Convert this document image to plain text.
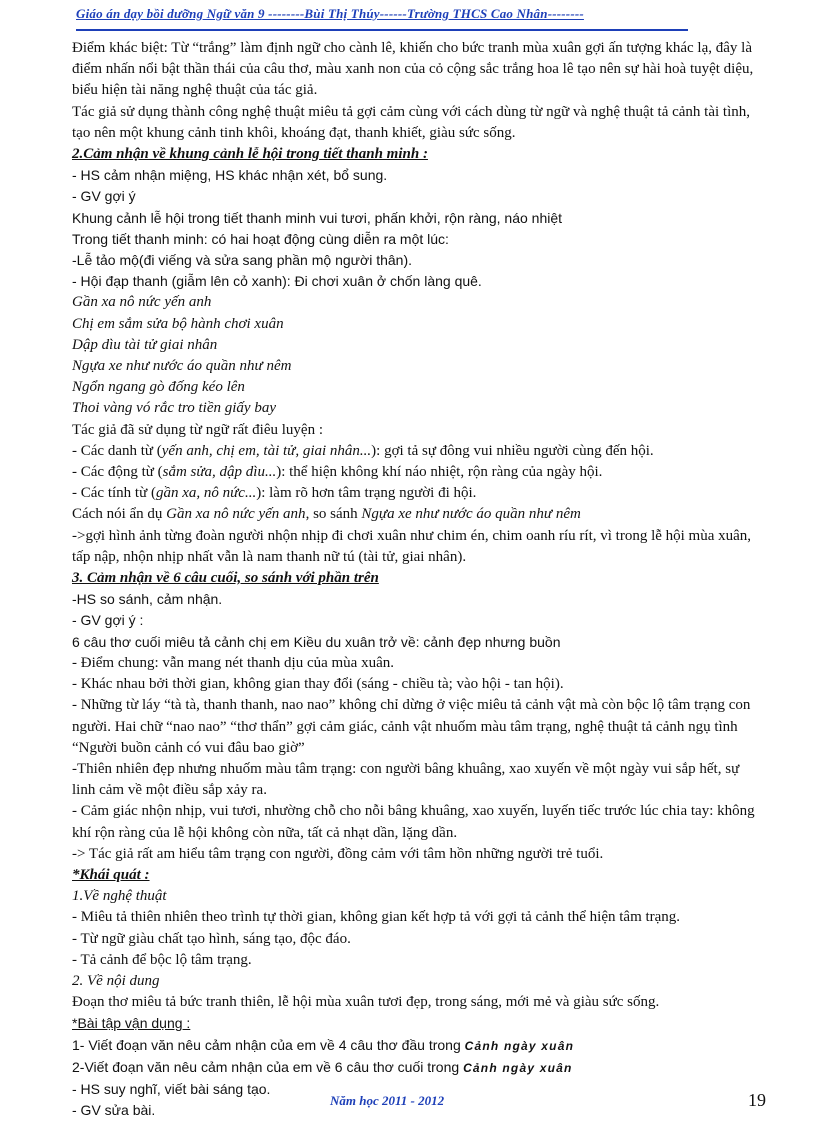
Giáo án dạy bồi dưỡng Ngữ văn 9 --------Bùi Thị Thúy------Trường THCS Cao Nhân--------

Điểm khác biệt: Từ “trắng” làm định ngữ cho cành lê, khiến cho bức tranh mùa xuân gợi ấn tượng khác lạ, đây là điểm nhấn nổi bật thần thái của câu thơ, màu xanh non của cỏ cộng sắc trắng hoa lê tạo nên sự hài hoà tuyệt diệu, biểu hiện tài năng nghệ thuật của tác giả.

Tác giả sử dụng thành công nghệ thuật miêu tả gợi cảm cùng với cách dùng từ ngữ và nghệ thuật tả cảnh tài tình, tạo nên một khung cảnh tinh khôi, khoáng đạt, thanh khiết, giàu sức sống.

2.Cảm nhận về khung cảnh lễ hội trong tiết thanh minh :

- HS cảm nhận miệng, HS khác nhận xét, bổ sung.

- GV gợi ý

Khung cảnh lễ hội trong tiết thanh minh vui tươi, phấn khởi, rộn ràng, náo nhiệt

Trong tiết thanh minh: có hai hoạt động cùng diễn ra một lúc:

-Lễ tảo mộ(đi viếng và sửa sang phần mộ người thân).

- Hội đạp thanh (giẫm lên cỏ xanh): Đi chơi xuân ở chốn làng quê.

Gần xa nô nức yến anh

Chị em sắm sửa bộ hành chơi xuân

Dập dìu tài tử giai nhân

Ngựa xe như nước áo quần như nêm

Ngổn ngang gò đống kéo lên

Thoi vàng vó rắc tro tiền giấy bay

Tác giả đã sử dụng từ ngữ rất điêu luyện :

- Các danh từ (yến anh, chị em, tài tử, giai nhân...): gợi tả sự đông vui nhiều người cùng đến hội.

- Các động từ (sắm sửa, dập dìu...): thể hiện không khí náo nhiệt, rộn ràng của ngày hội.

- Các tính từ (gần xa, nô nức...): làm rõ hơn tâm trạng người đi hội.

Cách nói ẩn dụ Gần xa nô nức yến anh, so sánh Ngựa xe như nước áo quần như nêm

->gợi hình ảnh từng đoàn người nhộn nhịp đi chơi xuân như chim én, chim oanh ríu rít, vì trong lễ hội mùa xuân, tấp nập, nhộn nhịp nhất vẫn là nam thanh nữ tú (tài tử, giai nhân).

3. Cảm nhận về 6 câu cuối, so sánh với phần trên

-HS so sánh, cảm nhận.

- GV gợi ý :

6 câu thơ cuối miêu tả cảnh chị em Kiều du xuân trở về: cảnh đẹp nhưng buồn

- Điểm chung: vẫn mang nét thanh dịu của mùa xuân.

- Khác nhau bởi thời gian, không gian thay đổi (sáng - chiều tà; vào hội - tan hội).

- Những từ láy “tà tà, thanh thanh, nao nao” không chỉ dừng ở việc miêu tả cảnh vật mà còn bộc lộ tâm trạng con người. Hai chữ “nao nao” “thơ thẩn” gợi cảm giác, cảnh vật nhuốm màu tâm trạng, nghệ thuật tả cảnh ngụ tình “Người buồn cảnh có vui đâu bao giờ”

-Thiên nhiên đẹp nhưng nhuốm màu tâm trạng: con người bâng khuâng, xao xuyến về một ngày vui sắp hết, sự linh cảm về một điều sắp xảy ra.

- Cảm giác nhộn nhịp, vui tươi, nhường chỗ cho nỗi bâng khuâng, xao xuyến, luyến tiếc trước lúc chia tay: không khí rộn ràng của lễ hội không còn nữa, tất cả nhạt dần, lặng dần.

-> Tác giả rất am hiểu tâm trạng con người, đồng cảm với tâm hồn những người trẻ tuổi.

*Khái quát :

1.Về nghệ thuật

- Miêu tả thiên nhiên theo trình tự thời gian, không gian kết hợp tả với gợi tả cảnh thể hiện tâm trạng.

- Từ ngữ giàu chất tạo hình, sáng tạo, độc đáo.

- Tả cảnh để bộc lộ tâm trạng.

2. Về nội dung

Đoạn thơ miêu tả bức tranh thiên, lễ hội mùa xuân tươi đẹp, trong sáng, mới mẻ và giàu sức sống.

*Bài tập vận dụng :

1- Viết đoạn văn nêu cảm nhận của em về 4 câu thơ đầu trong Cảnh ngày xuân

2-Viết đoạn văn nêu cảm nhận của em về 6 câu thơ cuối trong Cảnh ngày xuân

- HS suy nghĩ, viết bài sáng tạo.

- GV sửa bài.

Năm học 2011 - 2012	19
